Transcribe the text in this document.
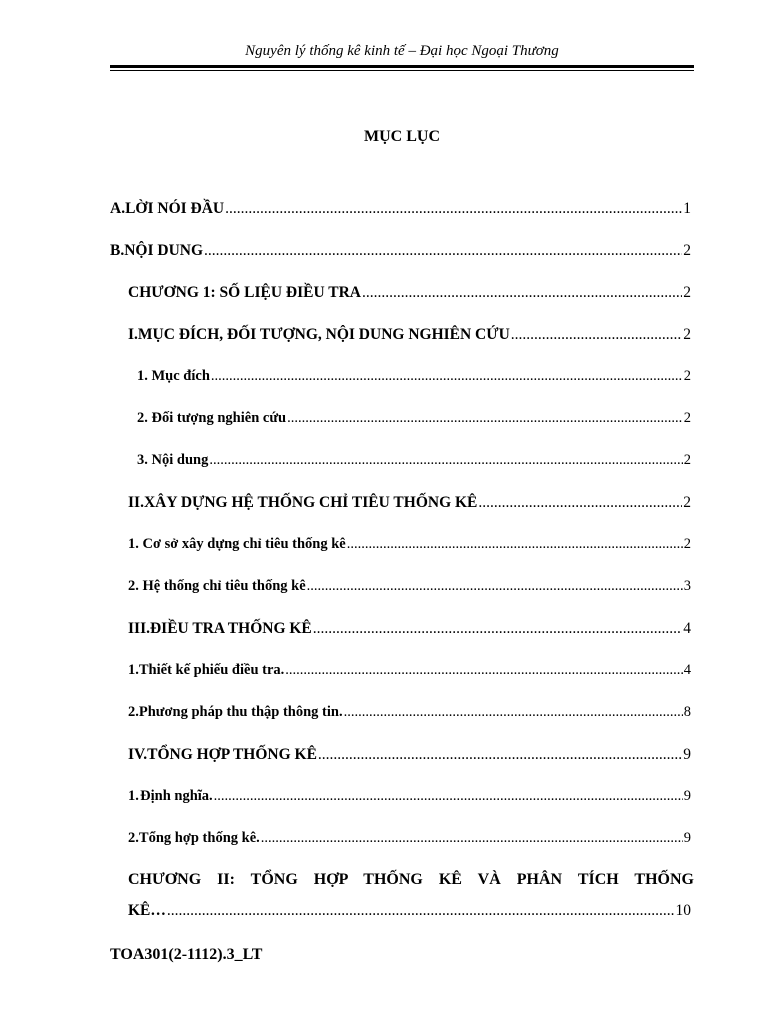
Nguyên lý thống kê kinh tế – Đại học Ngoại Thương
MỤC LỤC
A. LỜI NÓI ĐẦU .....	1
B. NỘI DUNG .....	2
CHƯƠNG 1: SỐ LIỆU ĐIỀU TRA .....	2
I. MỤC ĐÍCH, ĐỐI TƯỢNG, NỘI DUNG NGHIÊN CỨU .....	2
1. Mục đích .....	2
2. Đối tượng nghiên cứu .....	2
3. Nội dung .....	2
II. XÂY DỰNG HỆ THỐNG CHỈ TIÊU THỐNG KÊ .....	2
1. Cơ sở xây dựng chỉ tiêu thống kê .....	2
2. Hệ thống chỉ tiêu thống kê .....	3
III. ĐIỀU TRA THỐNG KÊ .....	4
1. Thiết kế phiếu điều tra. .....	4
2. Phương pháp thu thập thông tin. .....	8
IV. TỔNG HỢP THỐNG KÊ .....	9
1. Định nghĩa. .....	9
2. Tổng hợp thống kê. .....	9
CHƯƠNG II: TỔNG HỢP THỐNG KÊ VÀ PHÂN TÍCH THỐNG
KÊ… .....	10
TOA301(2-1112).3_LT
